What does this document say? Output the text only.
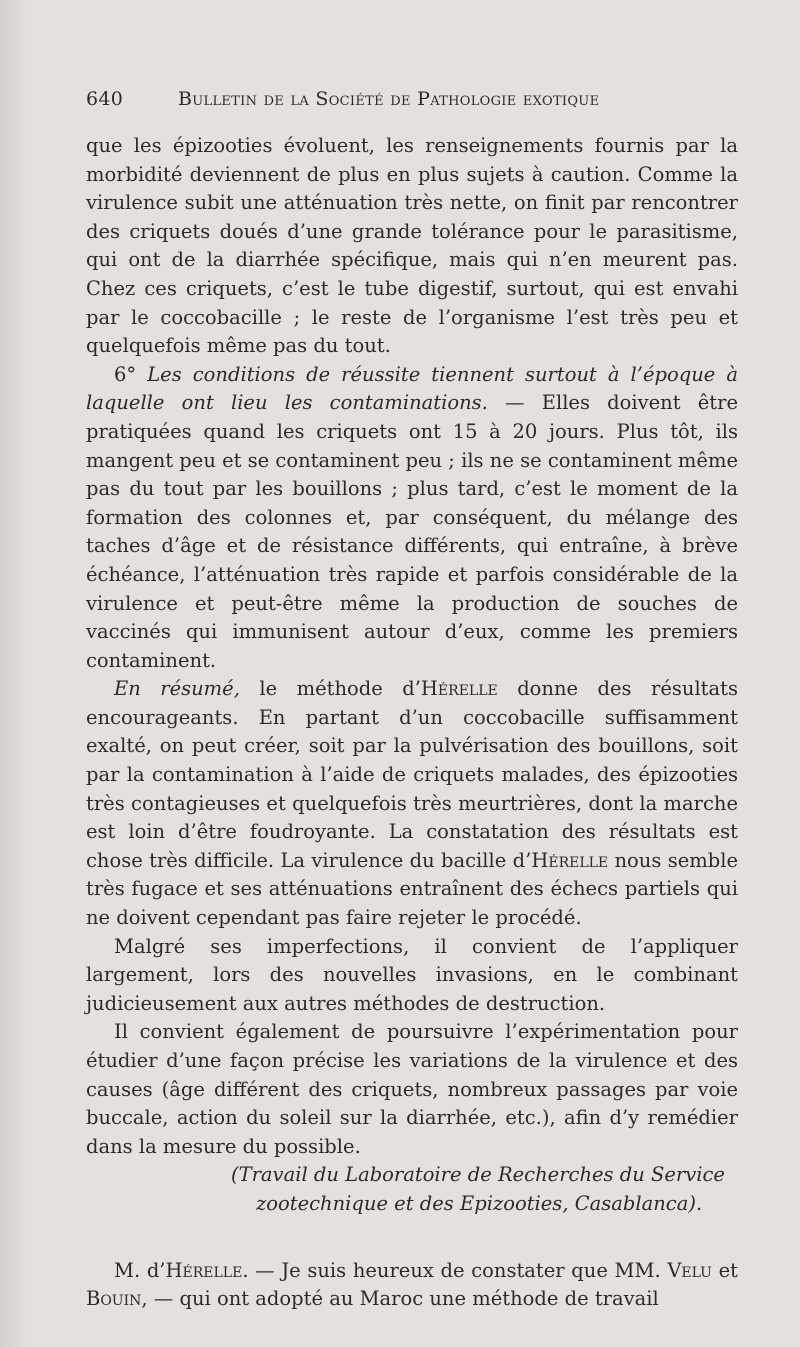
640	Bulletin de la Société de Pathologie exotique

que les épizooties évoluent, les renseignements fournis par la morbidité deviennent de plus en plus sujets à caution. Comme la virulence subit une atténuation très nette, on finit par rencontrer des criquets doués d’une grande tolérance pour le parasitisme, qui ont de la diarrhée spécifique, mais qui n’en meurent pas. Chez ces criquets, c’est le tube digestif, surtout, qui est envahi par le coccobacille ; le reste de l’organisme l’est très peu et quelquefois même pas du tout.

6° Les conditions de réussite tiennent surtout à l’époque à laquelle ont lieu les contaminations. — Elles doivent être pratiquées quand les criquets ont 15 à 20 jours. Plus tôt, ils mangent peu et se contaminent peu ; ils ne se contaminent même pas du tout par les bouillons ; plus tard, c’est le moment de la formation des colonnes et, par conséquent, du mélange des taches d’âge et de résistance différents, qui entraîne, à brève échéance, l’atténuation très rapide et parfois considérable de la virulence et peut-être même la production de souches de vaccinés qui immunisent autour d’eux, comme les premiers contaminent.

En résumé, le méthode d’Hérelle donne des résultats encourageants. En partant d’un coccobacille suffisamment exalté, on peut créer, soit par la pulvérisation des bouillons, soit par la contamination à l’aide de criquets malades, des épizooties très contagieuses et quelquefois très meurtrières, dont la marche est loin d’être foudroyante. La constatation des résultats est chose très difficile. La virulence du bacille d’Hérelle nous semble très fugace et ses atténuations entraînent des échecs partiels qui ne doivent cependant pas faire rejeter le procédé.

Malgré ses imperfections, il convient de l’appliquer largement, lors des nouvelles invasions, en le combinant judicieusement aux autres méthodes de destruction.

Il convient également de poursuivre l’expérimentation pour étudier d’une façon précise les variations de la virulence et des causes (âge différent des criquets, nombreux passages par voie buccale, action du soleil sur la diarrhée, etc.), afin d’y remédier dans la mesure du possible.

(Travail du Laboratoire de Recherches du Service

zootechnique et des Epizooties, Casablanca).

M. d’Hérelle. — Je suis heureux de constater que MM. Velu et Bouin, — qui ont adopté au Maroc une méthode de travail
